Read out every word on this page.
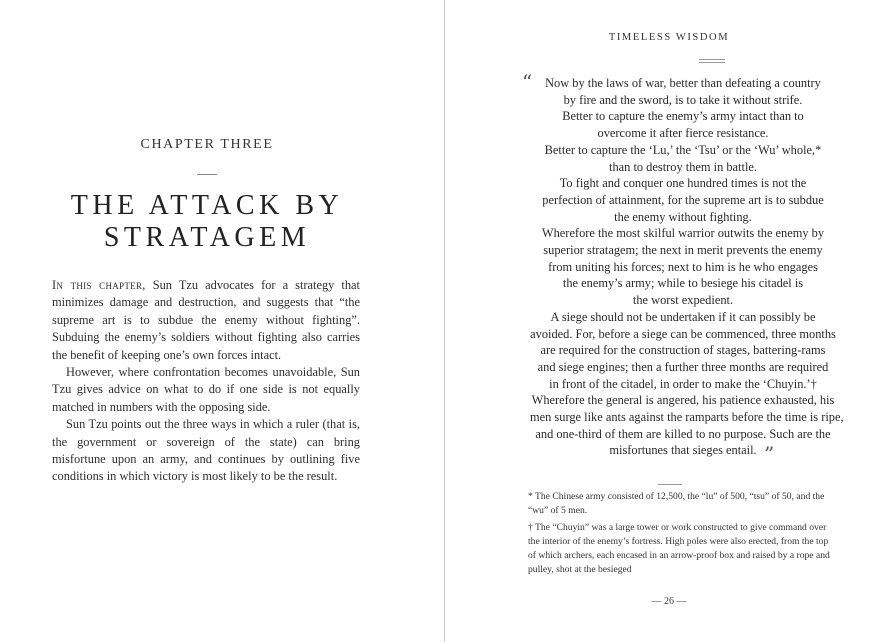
CHAPTER THREE
THE ATTACK BY STRATAGEM

In this chapter, Sun Tzu advocates for a strategy that minimizes damage and destruction, and suggests that “the supreme art is to subdue the enemy without fighting”. Subduing the enemy’s soldiers without fighting also carries the benefit of keeping one’s own forces intact.

However, where confrontation becomes unavoidable, Sun Tzu gives advice on what to do if one side is not equally matched in numbers with the opposing side.

Sun Tzu points out the three ways in which a ruler (that is, the government or sovereign of the state) can bring misfortune upon an army, and continues by outlining five conditions in which victory is most likely to be the result.

TIMELESS WISDOM
“	Now by the laws of war, better than defeating a country
by fire and the sword, is to take it without strife.
Better to capture the enemy’s army intact than to
overcome it after fierce resistance.
Better to capture the ‘Lu,’ the ‘Tsu’ or the ‘Wu’ whole,*
than to destroy them in battle.
To fight and conquer one hundred times is not the
perfection of attainment, for the supreme art is to subdue
the enemy without fighting.
Wherefore the most skilful warrior outwits the enemy by
superior stratagem; the next in merit prevents the enemy
from uniting his forces; next to him is he who engages
the enemy’s army; while to besiege his citadel is
the worst expedient.
A siege should not be undertaken if it can possibly be
avoided. For, before a siege can be commenced, three months
are required for the construction of stages, battering-rams
and siege engines; then a further three months are required
in front of the citadel, in order to make the ‘Chuyin.’†
Wherefore the general is angered, his patience exhausted, his
men surge like ants against the ramparts before the time is ripe,
and one-third of them are killed to no purpose. Such are the
misfortunes that sieges entail. ”

* The Chinese army consisted of 12,500, the “lu” of 500, “tsu” of 50, and the “wu” of 5 men.

† The “Chuyin” was a large tower or work constructed to give command over the interior of the enemy’s fortress. High poles were also erected, from the top of which archers, each encased in an arrow-proof box and raised by a rope and pulley, shot at the besieged

— 26 —
